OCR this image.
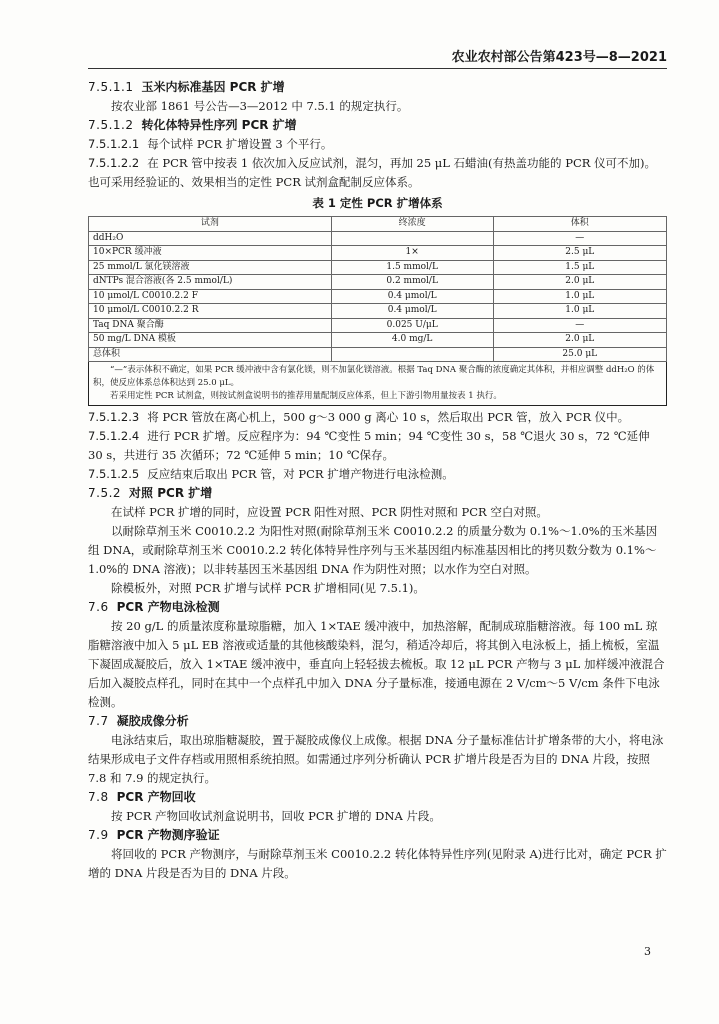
农业农村部公告第423号—8—2021
7.5.1.1 玉米内标准基因 PCR 扩增

按农业部 1861 号公告—3—2012 中 7.5.1 的规定执行。

7.5.1.2 转化体特异性序列 PCR 扩增

7.5.1.2.1 每个试样 PCR 扩增设置 3 个平行。

7.5.1.2.2 在 PCR 管中按表 1 依次加入反应试剂，混匀，再加 25 μL 石蜡油(有热盖功能的 PCR 仪可不加)。也可采用经验证的、效果相当的定性 PCR 试剂盒配制反应体系。

表 1 定性 PCR 扩增体系
试剂	终浓度	体积
ddH₂O		—
10×PCR 缓冲液	1×	2.5 μL
25 mmol/L 氯化镁溶液	1.5 mmol/L	1.5 μL
dNTPs 混合溶液(各 2.5 mmol/L)	0.2 mmol/L	2.0 μL
10 μmol/L C0010.2.2 F	0.4 μmol/L	1.0 μL
10 μmol/L C0010.2.2 R	0.4 μmol/L	1.0 μL
Taq DNA 聚合酶	0.025 U/μL	—
50 mg/L DNA 模板	4.0 mg/L	2.0 μL
总体积		25.0 μL
“—”表示体积不确定，如果 PCR 缓冲液中含有氯化镁，则不加氯化镁溶液。根据 Taq DNA 聚合酶的浓度确定其体积，并相应调整 ddH₂O 的体积，使反应体系总体积达到 25.0 μL。
若采用定性 PCR 试剂盒，则按试剂盒说明书的推荐用量配制反应体系，但上下游引物用量按表 1 执行。

7.5.1.2.3 将 PCR 管放在离心机上，500 g～3 000 g 离心 10 s，然后取出 PCR 管，放入 PCR 仪中。

7.5.1.2.4 进行 PCR 扩增。反应程序为：94 ℃变性 5 min；94 ℃变性 30 s，58 ℃退火 30 s，72 ℃延伸 30 s，共进行 35 次循环；72 ℃延伸 5 min；10 ℃保存。

7.5.1.2.5 反应结束后取出 PCR 管，对 PCR 扩增产物进行电泳检测。

7.5.2 对照 PCR 扩增

在试样 PCR 扩增的同时，应设置 PCR 阳性对照、PCR 阴性对照和 PCR 空白对照。

以耐除草剂玉米 C0010.2.2 为阳性对照(耐除草剂玉米 C0010.2.2 的质量分数为 0.1%～1.0%的玉米基因组 DNA，或耐除草剂玉米 C0010.2.2 转化体特异性序列与玉米基因组内标准基因相比的拷贝数分数为 0.1%～1.0%的 DNA 溶液)；以非转基因玉米基因组 DNA 作为阴性对照；以水作为空白对照。

除模板外，对照 PCR 扩增与试样 PCR 扩增相同(见 7.5.1)。

7.6 PCR 产物电泳检测

按 20 g/L 的质量浓度称量琼脂糖，加入 1×TAE 缓冲液中，加热溶解，配制成琼脂糖溶液。每 100 mL 琼脂糖溶液中加入 5 μL EB 溶液或适量的其他核酸染料，混匀，稍适冷却后，将其倒入电泳板上，插上梳板，室温下凝固成凝胶后，放入 1×TAE 缓冲液中，垂直向上轻轻拔去梳板。取 12 μL PCR 产物与 3 μL 加样缓冲液混合后加入凝胶点样孔，同时在其中一个点样孔中加入 DNA 分子量标准，接通电源在 2 V/cm～5 V/cm 条件下电泳检测。

7.7 凝胶成像分析

电泳结束后，取出琼脂糖凝胶，置于凝胶成像仪上成像。根据 DNA 分子量标准估计扩增条带的大小，将电泳结果形成电子文件存档或用照相系统拍照。如需通过序列分析确认 PCR 扩增片段是否为目的 DNA 片段，按照 7.8 和 7.9 的规定执行。

7.8 PCR 产物回收

按 PCR 产物回收试剂盒说明书，回收 PCR 扩增的 DNA 片段。

7.9 PCR 产物测序验证

将回收的 PCR 产物测序，与耐除草剂玉米 C0010.2.2 转化体特异性序列(见附录 A)进行比对，确定 PCR 扩增的 DNA 片段是否为目的 DNA 片段。

3
